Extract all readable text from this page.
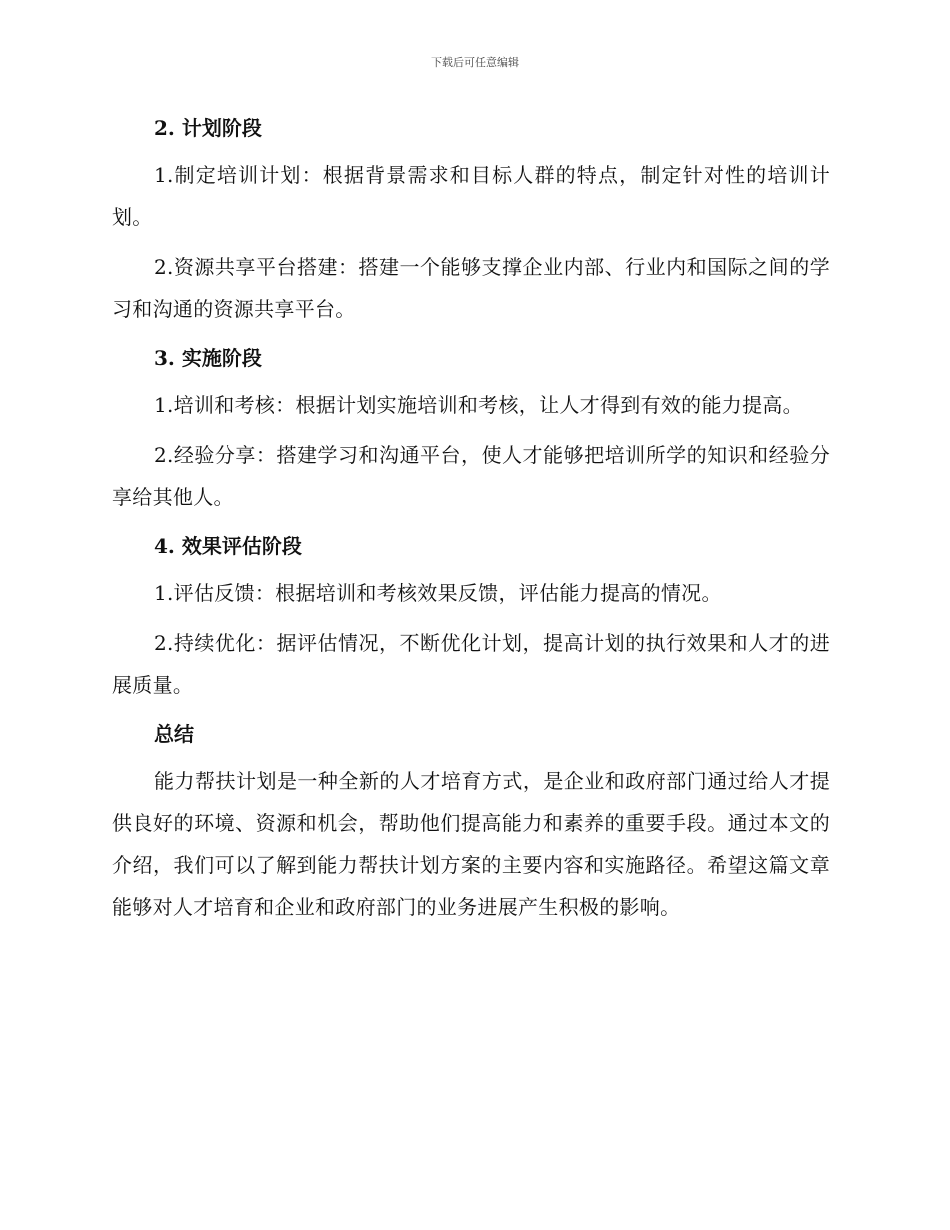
下载后可任意编辑

2. 计划阶段

1.制定培训计划：根据背景需求和目标人群的特点，制定针对性的培训计划。

2.资源共享平台搭建：搭建一个能够支撑企业内部、行业内和国际之间的学习和沟通的资源共享平台。

3. 实施阶段

1.培训和考核：根据计划实施培训和考核，让人才得到有效的能力提高。

2.经验分享：搭建学习和沟通平台，使人才能够把培训所学的知识和经验分享给其他人。

4. 效果评估阶段

1.评估反馈：根据培训和考核效果反馈，评估能力提高的情况。

2.持续优化：据评估情况，不断优化计划，提高计划的执行效果和人才的进展质量。

总结

能力帮扶计划是一种全新的人才培育方式，是企业和政府部门通过给人才提供良好的环境、资源和机会，帮助他们提高能力和素养的重要手段。通过本文的介绍，我们可以了解到能力帮扶计划方案的主要内容和实施路径。希望这篇文章能够对人才培育和企业和政府部门的业务进展产生积极的影响。
